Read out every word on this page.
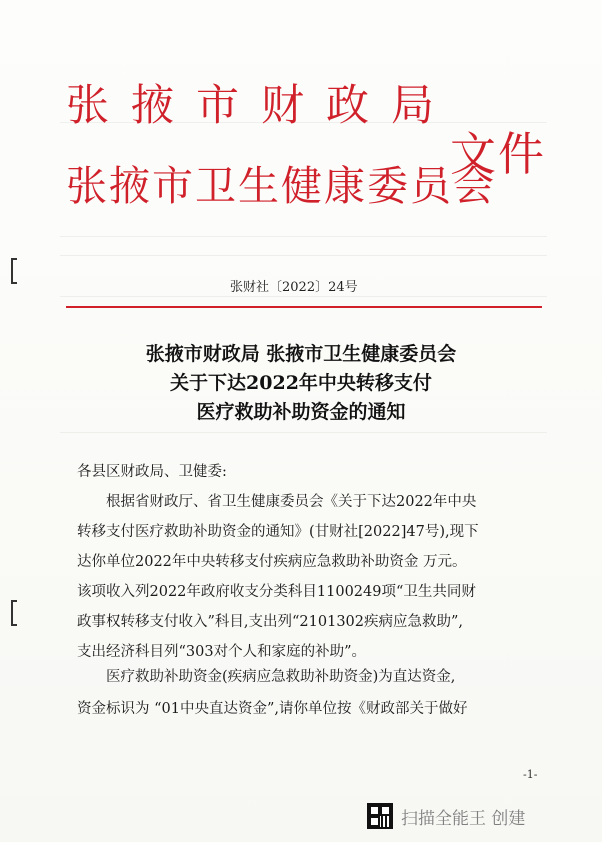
张掖市财政局
张掖市卫生健康委员会
文件
张财社〔2022〕24号
张掖市财政局 张掖市卫生健康委员会
关于下达2022年中央转移支付
医疗救助补助资金的通知
各县区财政局、卫健委:
根据省财政厅、省卫生健康委员会《关于下达2022年中央
转移支付医疗救助补助资金的通知》(甘财社[2022]47号),现下
达你单位2022年中央转移支付疾病应急救助补助资金 万元。
该项收入列2022年政府收支分类科目1100249项“卫生共同财
政事权转移支付收入”科目,支出列“2101302疾病应急救助”,
支出经济科目列“303对个人和家庭的补助”。
医疗救助补助资金(疾病应急救助补助资金)为直达资金,
资金标识为 “01中央直达资金”,请你单位按《财政部关于做好
-1-
扫描全能王 创建
